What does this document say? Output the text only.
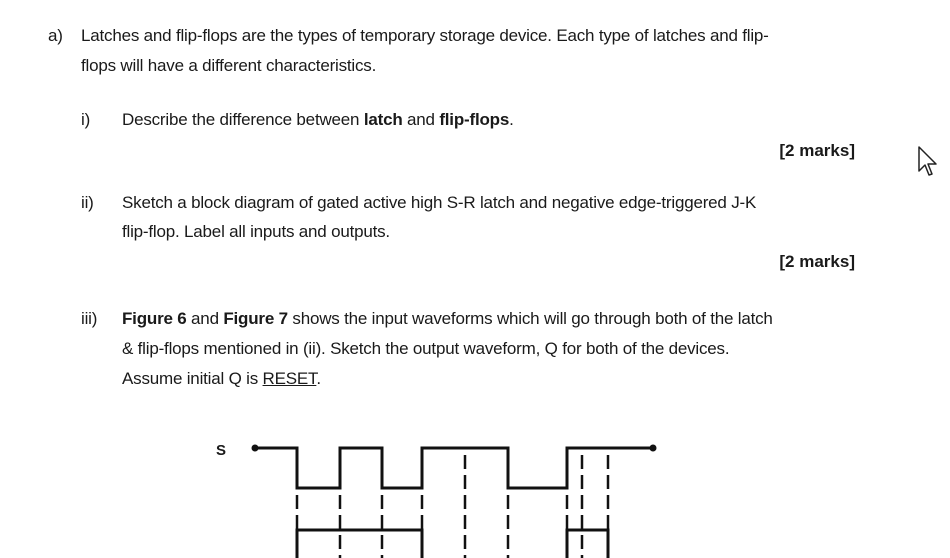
a) Latches and flip-flops are the types of temporary storage device. Each type of latches and flip-
flops will have a different characteristics.
i) Describe the difference between latch and flip-flops.
[2 marks]
ii) Sketch a block diagram of gated active high S-R latch and negative edge-triggered J-K
flip-flop. Label all inputs and outputs.
[2 marks]
iii) Figure 6 and Figure 7 shows the input waveforms which will go through both of the latch
& flip-flops mentioned in (ii). Sketch the output waveform, Q for both of the devices.
Assume initial Q is RESET.
S
